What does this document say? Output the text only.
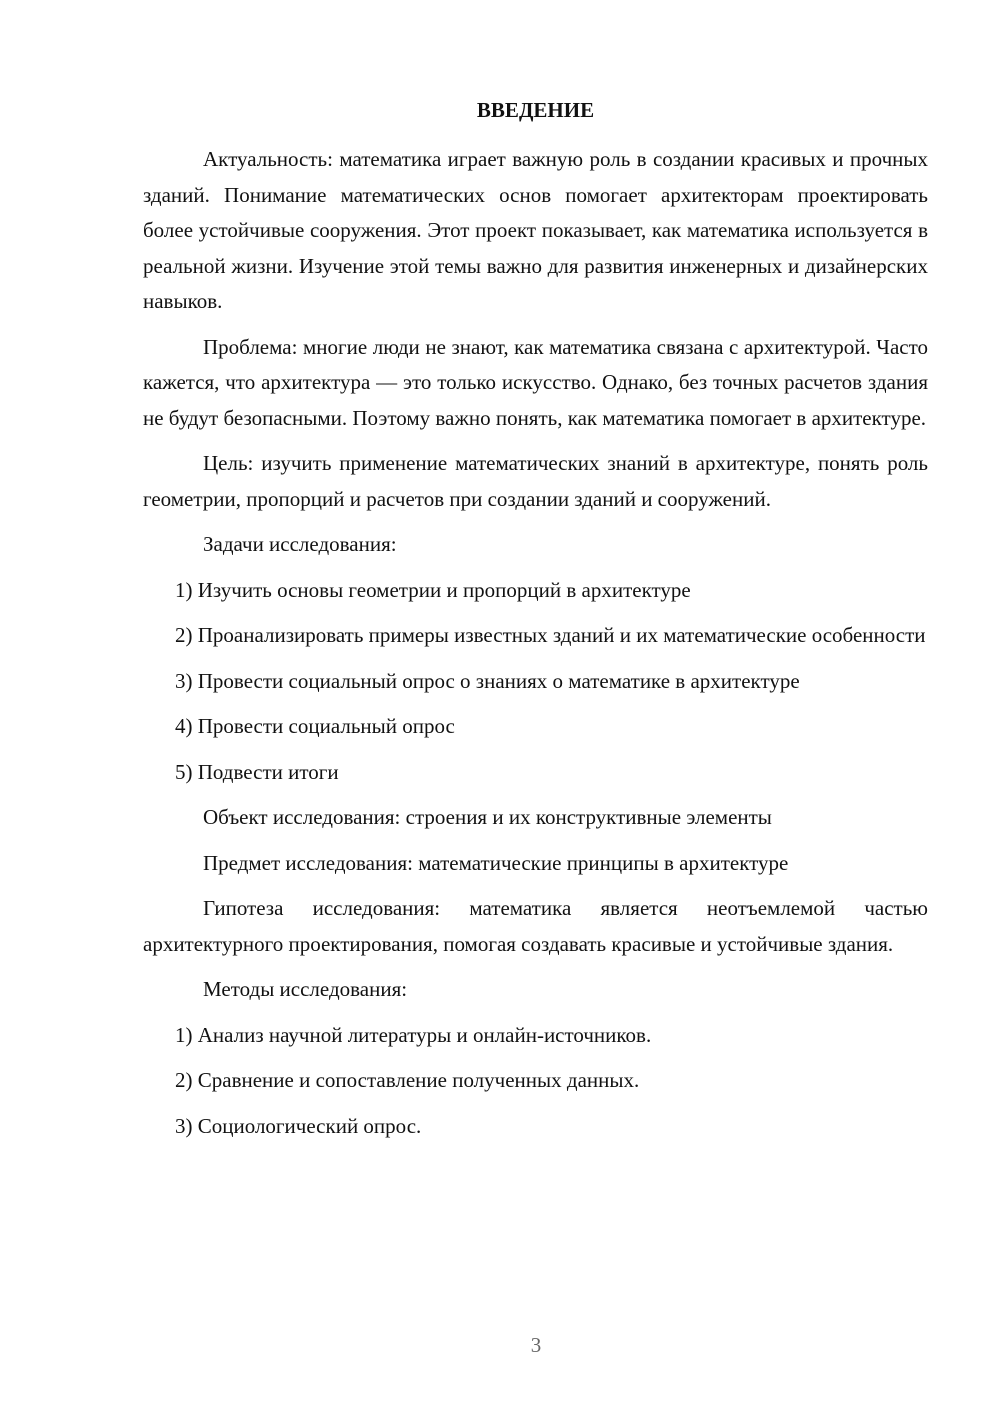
ВВЕДЕНИЕ

Актуальность: математика играет важную роль в создании красивых и прочных зданий. Понимание математических основ помогает архитекторам проектировать более устойчивые сооружения. Этот проект показывает, как математика используется в реальной жизни. Изучение этой темы важно для развития инженерных и дизайнерских навыков.

Проблема: многие люди не знают, как математика связана с архитектурой. Часто кажется, что архитектура — это только искусство. Однако, без точных расчетов здания не будут безопасными. Поэтому важно понять, как математика помогает в архитектуре.

Цель: изучить применение математических знаний в архитектуре, понять роль геометрии, пропорций и расчетов при создании зданий и сооружений.

Задачи исследования:

1) Изучить основы геометрии и пропорций в архитектуре

2) Проанализировать примеры известных зданий и их математические особенности

3) Провести социальный опрос о знаниях о математике в архитектуре

4) Провести социальный опрос

5) Подвести итоги

Объект исследования: строения и их конструктивные элементы

Предмет исследования: математические принципы в архитектуре

Гипотеза исследования: математика является неотъемлемой частью архитектурного проектирования, помогая создавать красивые и устойчивые здания.

Методы исследования:

1) Анализ научной литературы и онлайн-источников.

2) Сравнение и сопоставление полученных данных.

3) Социологический опрос.

3
